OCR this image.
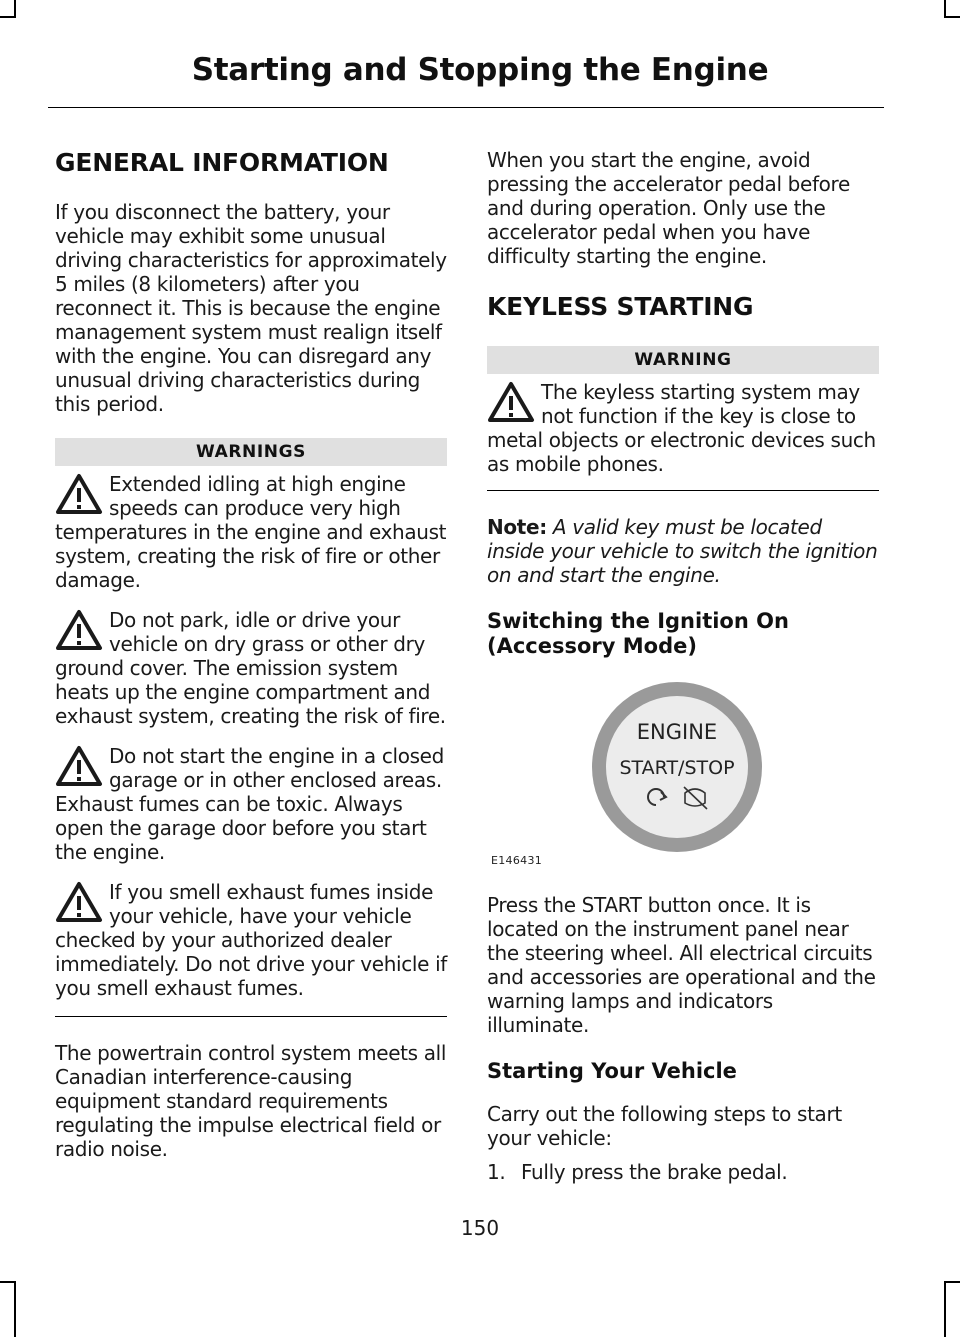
Starting and Stopping the Engine
GENERAL INFORMATION

If you disconnect the battery, your vehicle may exhibit some unusual driving characteristics for approximately 5 miles (8 kilometers) after you reconnect it. This is because the engine management system must realign itself with the engine. You can disregard any unusual driving characteristics during this period.

WARNINGS
Extended idling at high engine speeds can produce very high temperatures in the engine and exhaust system, creating the risk of fire or other damage.
Do not park, idle or drive your vehicle on dry grass or other dry ground cover. The emission system heats up the engine compartment and exhaust system, creating the risk of fire.
Do not start the engine in a closed garage or in other enclosed areas. Exhaust fumes can be toxic. Always open the garage door before you start the engine.
If you smell exhaust fumes inside your vehicle, have your vehicle checked by your authorized dealer immediately. Do not drive your vehicle if you smell exhaust fumes.

The powertrain control system meets all Canadian interference-causing equipment standard requirements regulating the impulse electrical field or radio noise.

When you start the engine, avoid pressing the accelerator pedal before and during operation. Only use the accelerator pedal when you have difficulty starting the engine.

KEYLESS STARTING
WARNING
The keyless starting system may not function if the key is close to metal objects or electronic devices such as mobile phones.

Note: A valid key must be located inside your vehicle to switch the ignition on and start the engine.

Switching the Ignition On (Accessory Mode)
ENGINE
START/STOP
E146431

Press the START button once. It is located on the instrument panel near the steering wheel. All electrical circuits and accessories are operational and the warning lamps and indicators illuminate.

Starting Your Vehicle

Carry out the following steps to start your vehicle:

1. Fully press the brake pedal.
150
